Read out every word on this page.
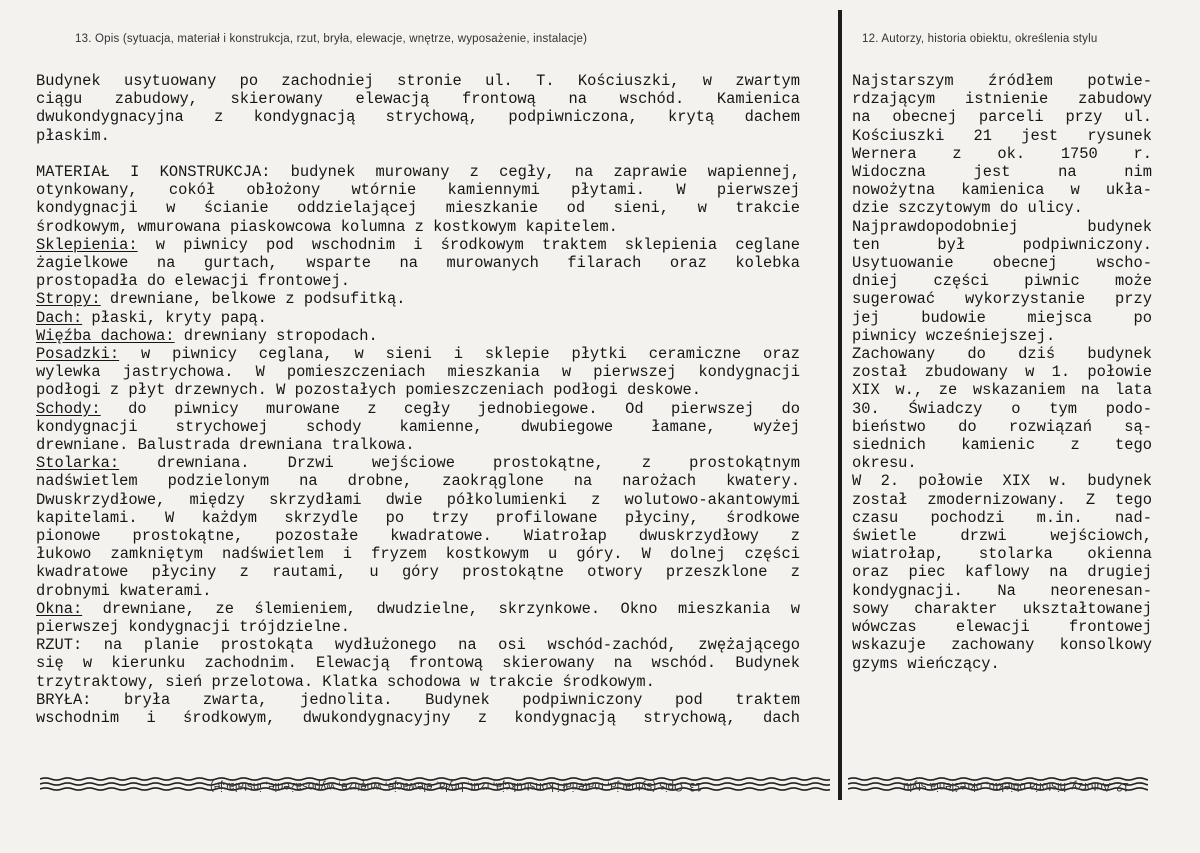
13. Opis (sytuacja, materiał i konstrukcja, rzut, bryła, elewacje, wnętrze, wyposażenie, instalacje)	12. Autorzy, historia obiektu, określenia stylu
Budynek usytuowany po zachodniej stronie ul. T. Kościuszki, w zwartym
ciągu zabudowy, skierowany elewacją frontową na wschód. Kamienica
dwukondygnacyjna z kondygnacją strychową, podpiwniczona, krytą dachem
płaskim.
MATERIAŁ I KONSTRUKCJA: budynek murowany z cegły, na zaprawie wapiennej,
otynkowany, cokół obłożony wtórnie kamiennymi płytami. W pierwszej
kondygnacji w ścianie oddzielającej mieszkanie od sieni, w trakcie
środkowym, wmurowana piaskowcowa kolumna z kostkowym kapitelem.
Sklepienia: w piwnicy pod wschodnim i środkowym traktem sklepienia ceglane
żagielkowe na gurtach, wsparte na murowanych filarach oraz kolebka
prostopadła do elewacji frontowej.
Stropy: drewniane, belkowe z podsufitką.
Dach: płaski, kryty papą.
Więźba dachowa: drewniany stropodach.
Posadzki: w piwnicy ceglana, w sieni i sklepie płytki ceramiczne oraz
wylewka jastrychowa. W pomieszczeniach mieszkania w pierwszej kondygnacji
podłogi z płyt drzewnych. W pozostałych pomieszczeniach podłogi deskowe.
Schody: do piwnicy murowane z cegły jednobiegowe. Od pierwszej do
kondygnacji strychowej schody kamienne, dwubiegowe łamane, wyżej
drewniane. Balustrada drewniana tralkowa.
Stolarka: drewniana. Drzwi wejściowe prostokątne, z prostokątnym
nadświetlem podzielonym na drobne, zaokrąglone na narożach kwatery.
Dwuskrzydłowe, między skrzydłami dwie półkolumienki z wolutowo-akantowymi
kapitelami. W każdym skrzydle po trzy profilowane płyciny, środkowe
pionowe prostokątne, pozostałe kwadratowe. Wiatrołap dwuskrzydłowy z
łukowo zamkniętym nadświetlem i fryzem kostkowym u góry. W dolnej części
kwadratowe płyciny z rautami, u góry prostokątne otwory przeszklone z
drobnymi kwaterami.
Okna: drewniane, ze ślemieniem, dwudzielne, skrzynkowe. Okno mieszkania w
pierwszej kondygnacji trójdzielne.
RZUT: na planie prostokąta wydłużonego na osi wschód-zachód, zwężającego
się w kierunku zachodnim. Elewacją frontową skierowany na wschód. Budynek
trzytraktowy, sień przelotowa. Klatka schodowa w trakcie środkowym.
BRYŁA: bryła zwarta, jednolita. Budynek podpiwniczony pod traktem
wschodnim i środkowym, dwukondygnacyjny z kondygnacją strychową, dach
Najstarszym źródłem potwie-
rdzającym istnienie zabudowy
na obecnej parceli przy ul.
Kościuszki 21 jest rysunek
Wernera z ok. 1750 r.
Widoczna jest na nim
nowożytna kamienica w ukła-
dzie szczytowym do ulicy.
Najprawdopodobniej budynek
ten był podpiwniczony.
Usytuowanie obecnej wscho-
dniej części piwnic może
sugerować wykorzystanie przy
jej budowie miejsca po
piwnicy wcześniejszej.
Zachowany do dziś budynek
został zbudowany w 1. połowie
XIX w., ze wskazaniem na lata
30. Świadczy o tym podo-
bieństwo do rozwiązań są-
siednich kamienic z tego
okresu.
W 2. połowie XIX w. budynek
został zmodernizowany. Z tego
czasu pochodzi m.in. nad-
świetle drzwi wejściowch,
wiatrołap, stolarka okienna
oraz piec kaflowy na drugiej
kondygnacji. Na neorenesan-
sowy charakter ukształtowanej
wówczas elewacji frontowej
wskazuje zachowany konsolkowy
gzyms wieńczący.
13. Opis (sytuacja, materiał i konstrukcja, rzut, bryła, elewacje, wnętrze, wyposażenie, instalacje)	12. Autorzy, historia obiektu, określenia stylu
